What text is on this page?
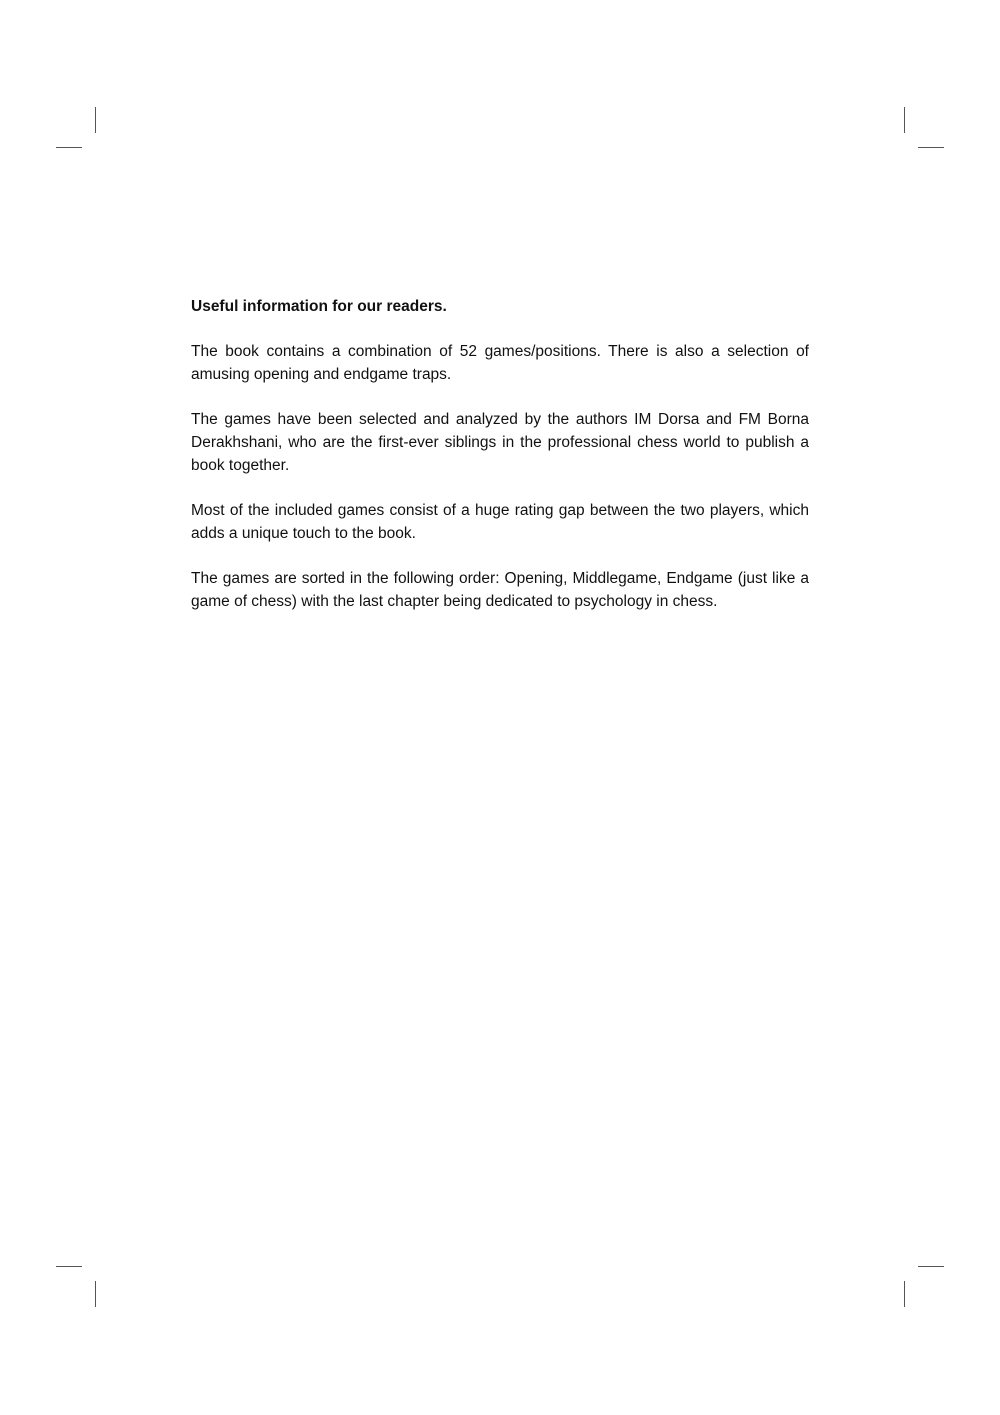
Useful information for our readers.

The book contains a combination of 52 games/positions. There is also a selection of amusing opening and endgame traps.

The games have been selected and analyzed by the authors IM Dorsa and FM Borna Derakhshani, who are the first-ever siblings in the professional chess world to publish a book together.

Most of the included games consist of a huge rating gap between the two players, which adds a unique touch to the book.

The games are sorted in the following order: Opening, Middlegame, Endgame (just like a game of chess) with the last chapter being dedicated to psychology in chess.
